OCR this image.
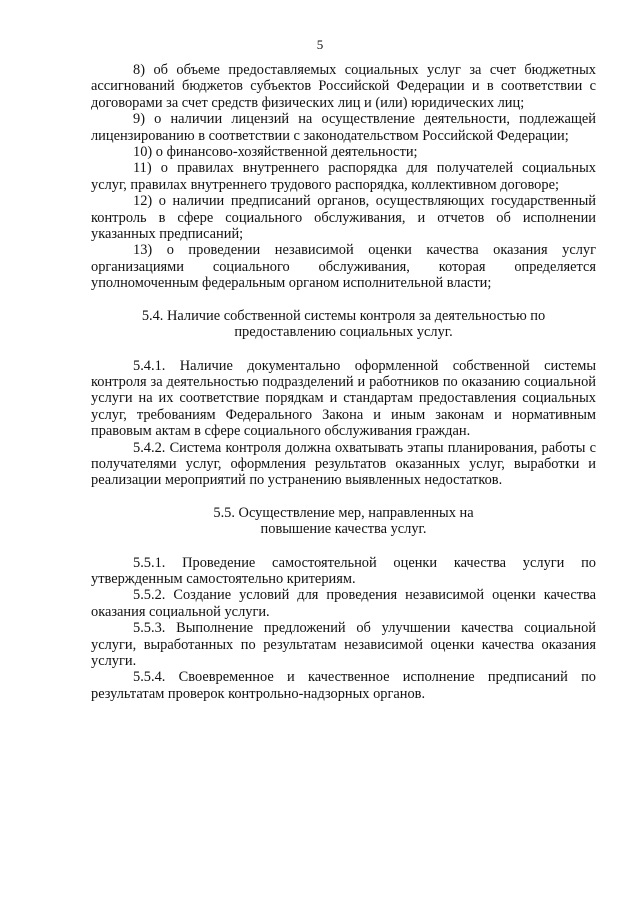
5

8) об объеме предоставляемых социальных услуг за счет бюджетных ассигнований бюджетов субъектов Российской Федерации и в соответствии с договорами за счет средств физических лиц и (или) юридических лиц;

9) о наличии лицензий на осуществление деятельности, подлежащей лицензированию в соответствии с законодательством Российской Федерации;

10) о финансово-хозяйственной деятельности;

11) о правилах внутреннего распорядка для получателей социальных услуг, правилах внутреннего трудового распорядка, коллективном договоре;

12) о наличии предписаний органов, осуществляющих государственный контроль в сфере социального обслуживания, и отчетов об исполнении указанных предписаний;

13) о проведении независимой оценки качества оказания услуг организациями социального обслуживания, которая определяется уполномоченным федеральным органом исполнительной власти;

5.4. Наличие собственной системы контроля за деятельностью по предоставлению социальных услуг.

5.4.1. Наличие документально оформленной собственной системы контроля за деятельностью подразделений и работников по оказанию социальной услуги на их соответствие порядкам и стандартам предоставления социальных услуг, требованиям Федерального Закона и иным законам и нормативным правовым актам в сфере социального обслуживания граждан.

5.4.2. Система контроля должна охватывать этапы планирования, работы с получателями услуг, оформления результатов оказанных услуг, выработки и реализации мероприятий по устранению выявленных недостатков.

5.5. Осуществление мер, направленных на повышение качества услуг.

5.5.1. Проведение самостоятельной оценки качества услуги по утвержденным самостоятельно критериям.

5.5.2. Создание условий для проведения независимой оценки качества оказания социальной услуги.

5.5.3. Выполнение предложений об улучшении качества социальной услуги, выработанных по результатам независимой оценки качества оказания услуги.

5.5.4. Своевременное и качественное исполнение предписаний по результатам проверок контрольно-надзорных органов.
